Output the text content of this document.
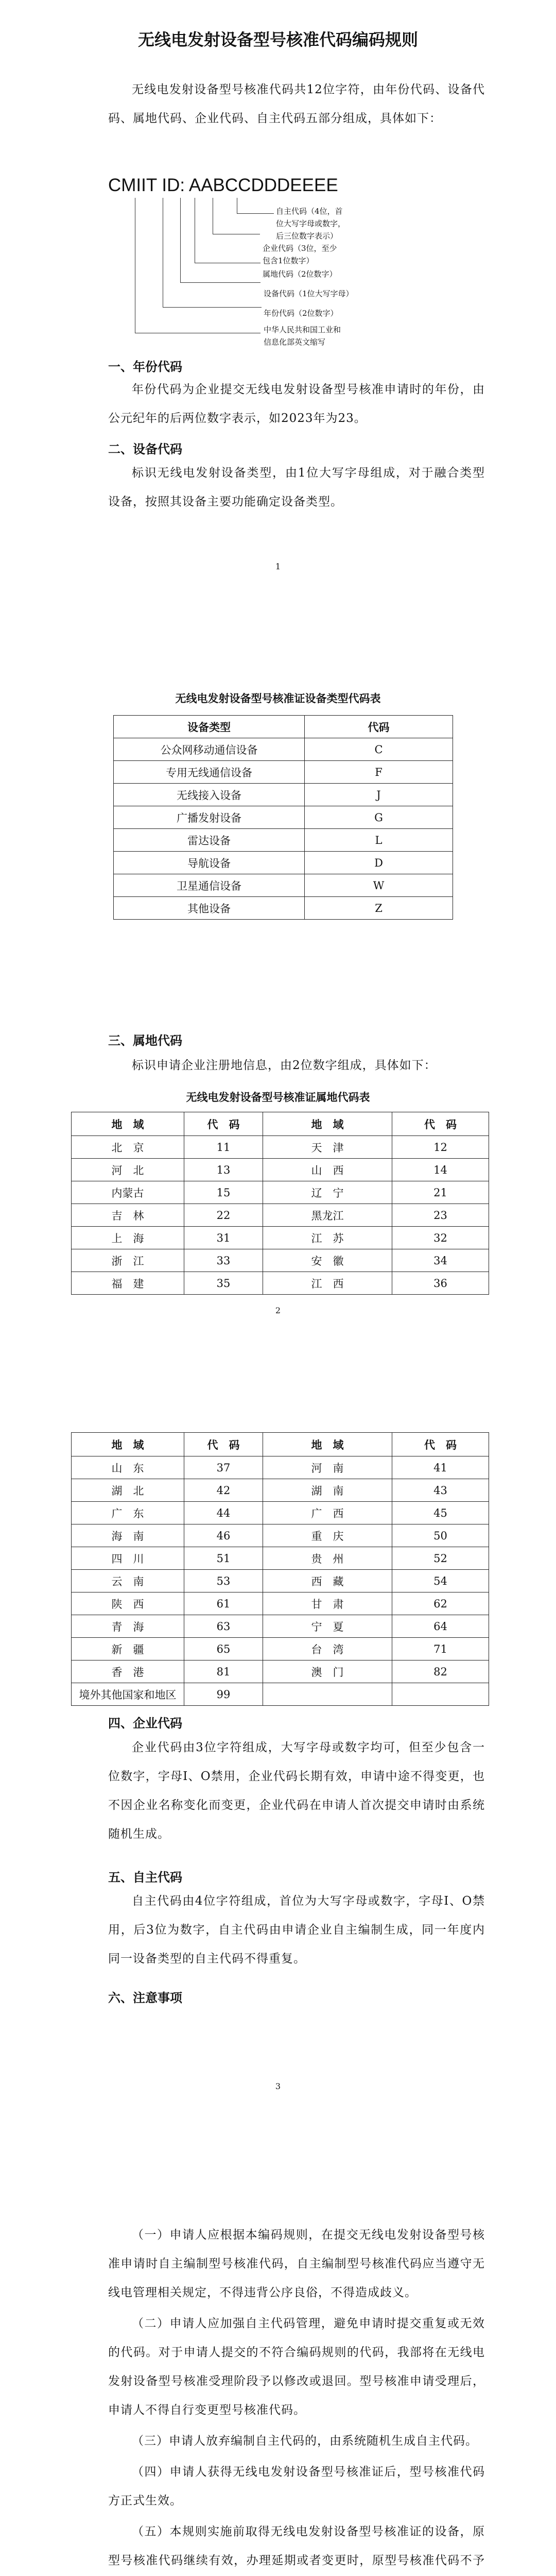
无线电发射设备型号核准代码编码规则

无线电发射设备型号核准代码共12位字符，由年份代码、设备代码、属地代码、企业代码、自主代码五部分组成，具体如下：

CMIIT ID: AABCCDDDEEEE
自主代码（4位，首位大写字母或数字，后三位数字表示）
企业代码（3位，至少包含1位数字）
属地代码（2位数字）
设备代码（1位大写字母）
年份代码（2位数字）
中华人民共和国工业和信息化部英文缩写
一、年份代码

年份代码为企业提交无线电发射设备型号核准申请时的年份，由公元纪年的后两位数字表示，如2023年为23。

二、设备代码

标识无线电发射设备类型，由1位大写字母组成，对于融合类型设备，按照其设备主要功能确定设备类型。

1
无线电发射设备型号核准证设备类型代码表
设备类型	代码
公众网移动通信设备	C
专用无线通信设备	F
无线接入设备	J
广播发射设备	G
雷达设备	L
导航设备	D
卫星通信设备	W
其他设备	Z
三、属地代码

标识申请企业注册地信息，由2位数字组成，具体如下：

无线电发射设备型号核准证属地代码表
地　域	代　码	地　域	代　码
北　京	11	天　津	12
河　北	13	山　西	14
内蒙古	15	辽　宁	21
吉　林	22	黑龙江	23
上　海	31	江　苏	32
浙　江	33	安　徽	34
福　建	35	江　西	36
2
地　域	代　码	地　域	代　码
山　东	37	河　南	41
湖　北	42	湖　南	43
广　东	44	广　西	45
海　南	46	重　庆	50
四　川	51	贵　州	52
云　南	53	西　藏	54
陕　西	61	甘　肃	62
青　海	63	宁　夏	64
新　疆	65	台　湾	71
香　港	81	澳　门	82
境外其他国家和地区	99		
四、企业代码

企业代码由3位字符组成，大写字母或数字均可，但至少包含一位数字，字母I、O禁用，企业代码长期有效，申请中途不得变更，也不因企业名称变化而变更，企业代码在申请人首次提交申请时由系统随机生成。

五、自主代码

自主代码由4位字符组成，首位为大写字母或数字，字母I、O禁用，后3位为数字，自主代码由申请企业自主编制生成，同一年度内同一设备类型的自主代码不得重复。

六、注意事项
3

（一）申请人应根据本编码规则，在提交无线电发射设备型号核准申请时自主编制型号核准代码，自主编制型号核准代码应当遵守无线电管理相关规定，不得违背公序良俗，不得造成歧义。

（二）申请人应加强自主代码管理，避免申请时提交重复或无效的代码。对于申请人提交的不符合编码规则的代码，我部将在无线电发射设备型号核准受理阶段予以修改或退回。型号核准申请受理后，申请人不得自行变更型号核准代码。

（三）申请人放弃编制自主代码的，由系统随机生成自主代码。

（四）申请人获得无线电发射设备型号核准证后，型号核准代码方正式生效。

（五）本规则实施前取得无线电发射设备型号核准证的设备，原型号核准代码继续有效，办理延期或者变更时，原型号核准代码不予
